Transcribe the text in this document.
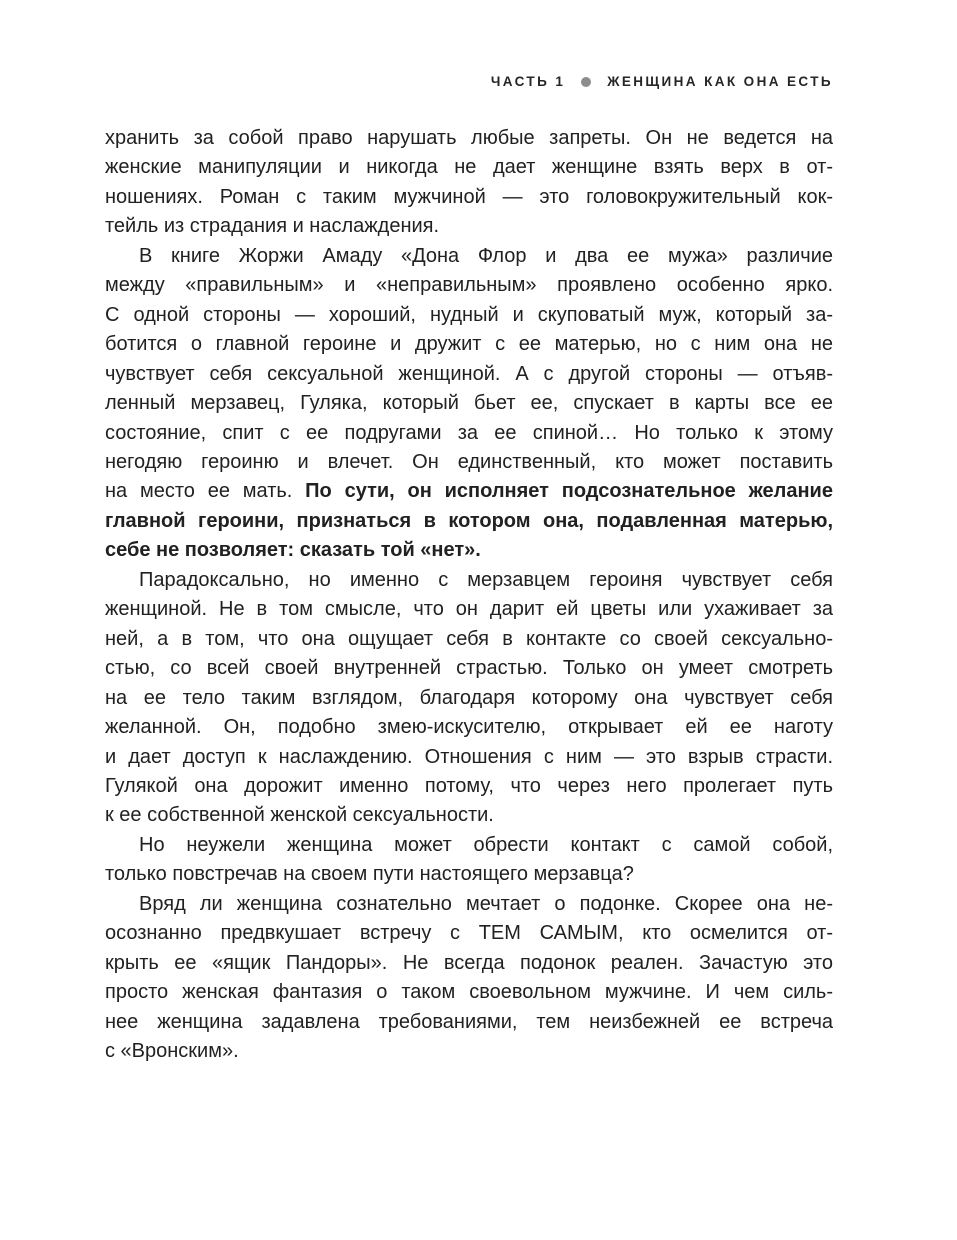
ЧАСТЬ 1	ЖЕНЩИНА КАК ОНА ЕСТЬ
хранить за собой право нарушать любые запреты. Он не ведется на
женские манипуляции и никогда не дает женщине взять верх в от-
ношениях. Роман с таким мужчиной — это головокружительный кок-
тейль из страдания и наслаждения.
В книге Жоржи Амаду «Дона Флор и два ее мужа» различие
между «правильным» и «неправильным» проявлено особенно ярко.
С одной стороны — хороший, нудный и скуповатый муж, который за-
ботится о главной героине и дружит с ее матерью, но с ним она не
чувствует себя сексуальной женщиной. А с другой стороны — отъяв-
ленный мерзавец, Гуляка, который бьет ее, спускает в карты все ее
состояние, спит с ее подругами за ее спиной… Но только к этому
негодяю героиню и влечет. Он единственный, кто может поставить
на место ее мать. По сути, он исполняет подсознательное желание
главной героини, признаться в котором она, подавленная матерью,
себе не позволяет: сказать той «нет».
Парадоксально, но именно с мерзавцем героиня чувствует себя
женщиной. Не в том смысле, что он дарит ей цветы или ухаживает за
ней, а в том, что она ощущает себя в контакте со своей сексуально-
стью, со всей своей внутренней страстью. Только он умеет смотреть
на ее тело таким взглядом, благодаря которому она чувствует себя
желанной. Он, подобно змею-искусителю, открывает ей ее наготу
и дает доступ к наслаждению. Отношения с ним — это взрыв страсти.
Гулякой она дорожит именно потому, что через него пролегает путь
к ее собственной женской сексуальности.
Но неужели женщина может обрести контакт с самой собой,
только повстречав на своем пути настоящего мерзавца?
Вряд ли женщина сознательно мечтает о подонке. Скорее она не-
осознанно предвкушает встречу с ТЕМ САМЫМ, кто осмелится от-
крыть ее «ящик Пандоры». Не всегда подонок реален. Зачастую это
просто женская фантазия о таком своевольном мужчине. И чем силь-
нее женщина задавлена требованиями, тем неизбежней ее встреча
с «Вронским».
